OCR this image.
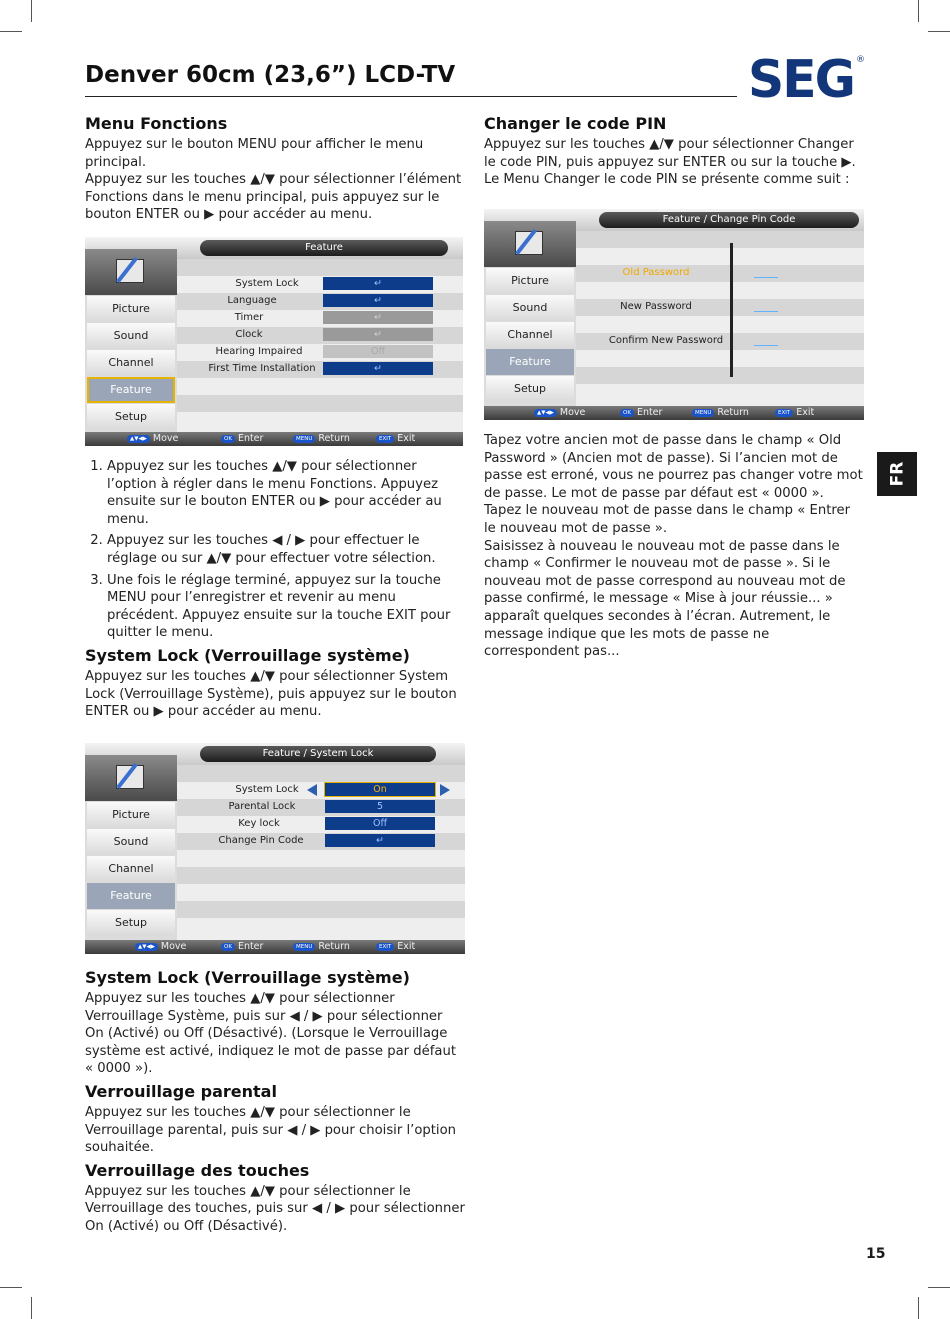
Denver 60cm (23,6”) LCD-TV	SEG ®
FR
Menu Fonctions

Appuyez sur le bouton MENU pour afficher le menu principal.

Appuyez sur les touches ▲/▼ pour sélectionner l’élément Fonctions dans le menu principal, puis appuyez sur le bouton ENTER ou ▶ pour accéder au menu.

Feature
Picture
Sound
Channel
Feature
Setup
System Lock	↵
Language	↵
Timer	↵
Clock	↵
Hearing Impaired	Off
First Time Installation	↵
▲▼◀▶ Move	OK Enter	MENU Return	EXIT Exit
1. Appuyez sur les touches ▲/▼ pour sélectionner l’option à régler dans le menu Fonctions. Appuyez ensuite sur le bouton ENTER ou ▶ pour accéder au menu.
2. Appuyez sur les touches ◀ / ▶ pour effectuer le réglage ou sur ▲/▼ pour effectuer votre sélection.
3. Une fois le réglage terminé, appuyez sur la touche MENU pour l’enregistrer et revenir au menu précédent. Appuyez ensuite sur la touche EXIT pour quitter le menu.
System Lock (Verrouillage système)

Appuyez sur les touches ▲/▼ pour sélectionner System Lock (Verrouillage Système), puis appuyez sur le bouton ENTER ou ▶ pour accéder au menu.

Feature / System Lock
Picture
Sound
Channel
Feature
Setup
System Lock	On
Parental Lock	5
Key lock	Off
Change Pin Code	↵
▲▼◀▶ Move	OK Enter	MENU Return	EXIT Exit
System Lock (Verrouillage système)

Appuyez sur les touches ▲/▼ pour sélectionner Verrouillage Système, puis sur ◀ / ▶ pour sélectionner On (Activé) ou Off (Désactivé). (Lorsque le Verrouillage système est activé, indiquez le mot de passe par défaut « 0000 »).

Verrouillage parental

Appuyez sur les touches ▲/▼ pour sélectionner le Verrouillage parental, puis sur ◀ / ▶ pour choisir l’option souhaitée.

Verrouillage des touches

Appuyez sur les touches ▲/▼ pour sélectionner le Verrouillage des touches, puis sur ◀ / ▶ pour sélectionner On (Activé) ou Off (Désactivé).

Changer le code PIN

Appuyez sur les touches ▲/▼ pour sélectionner Changer le code PIN, puis appuyez sur ENTER ou sur la touche ▶. Le Menu Changer le code PIN se présente comme suit :

Feature / Change Pin Code
Picture
Sound
Channel
Feature
Setup
Old Password
New Password
Confirm New Password
▲▼◀▶ Move	OK Enter	MENU Return	EXIT Exit

Tapez votre ancien mot de passe dans le champ « Old Password » (Ancien mot de passe). Si l’ancien mot de passe est erroné, vous ne pourrez pas changer votre mot de passe. Le mot de passe par défaut est « 0000 ».

Tapez le nouveau mot de passe dans le champ « Entrer le nouveau mot de passe ».

Saisissez à nouveau le nouveau mot de passe dans le champ « Confirmer le nouveau mot de passe ». Si le nouveau mot de passe correspond au nouveau mot de passe confirmé, le message « Mise à jour réussie... » apparaît quelques secondes à l’écran. Autrement, le message indique que les mots de passe ne correspondent pas...

15
